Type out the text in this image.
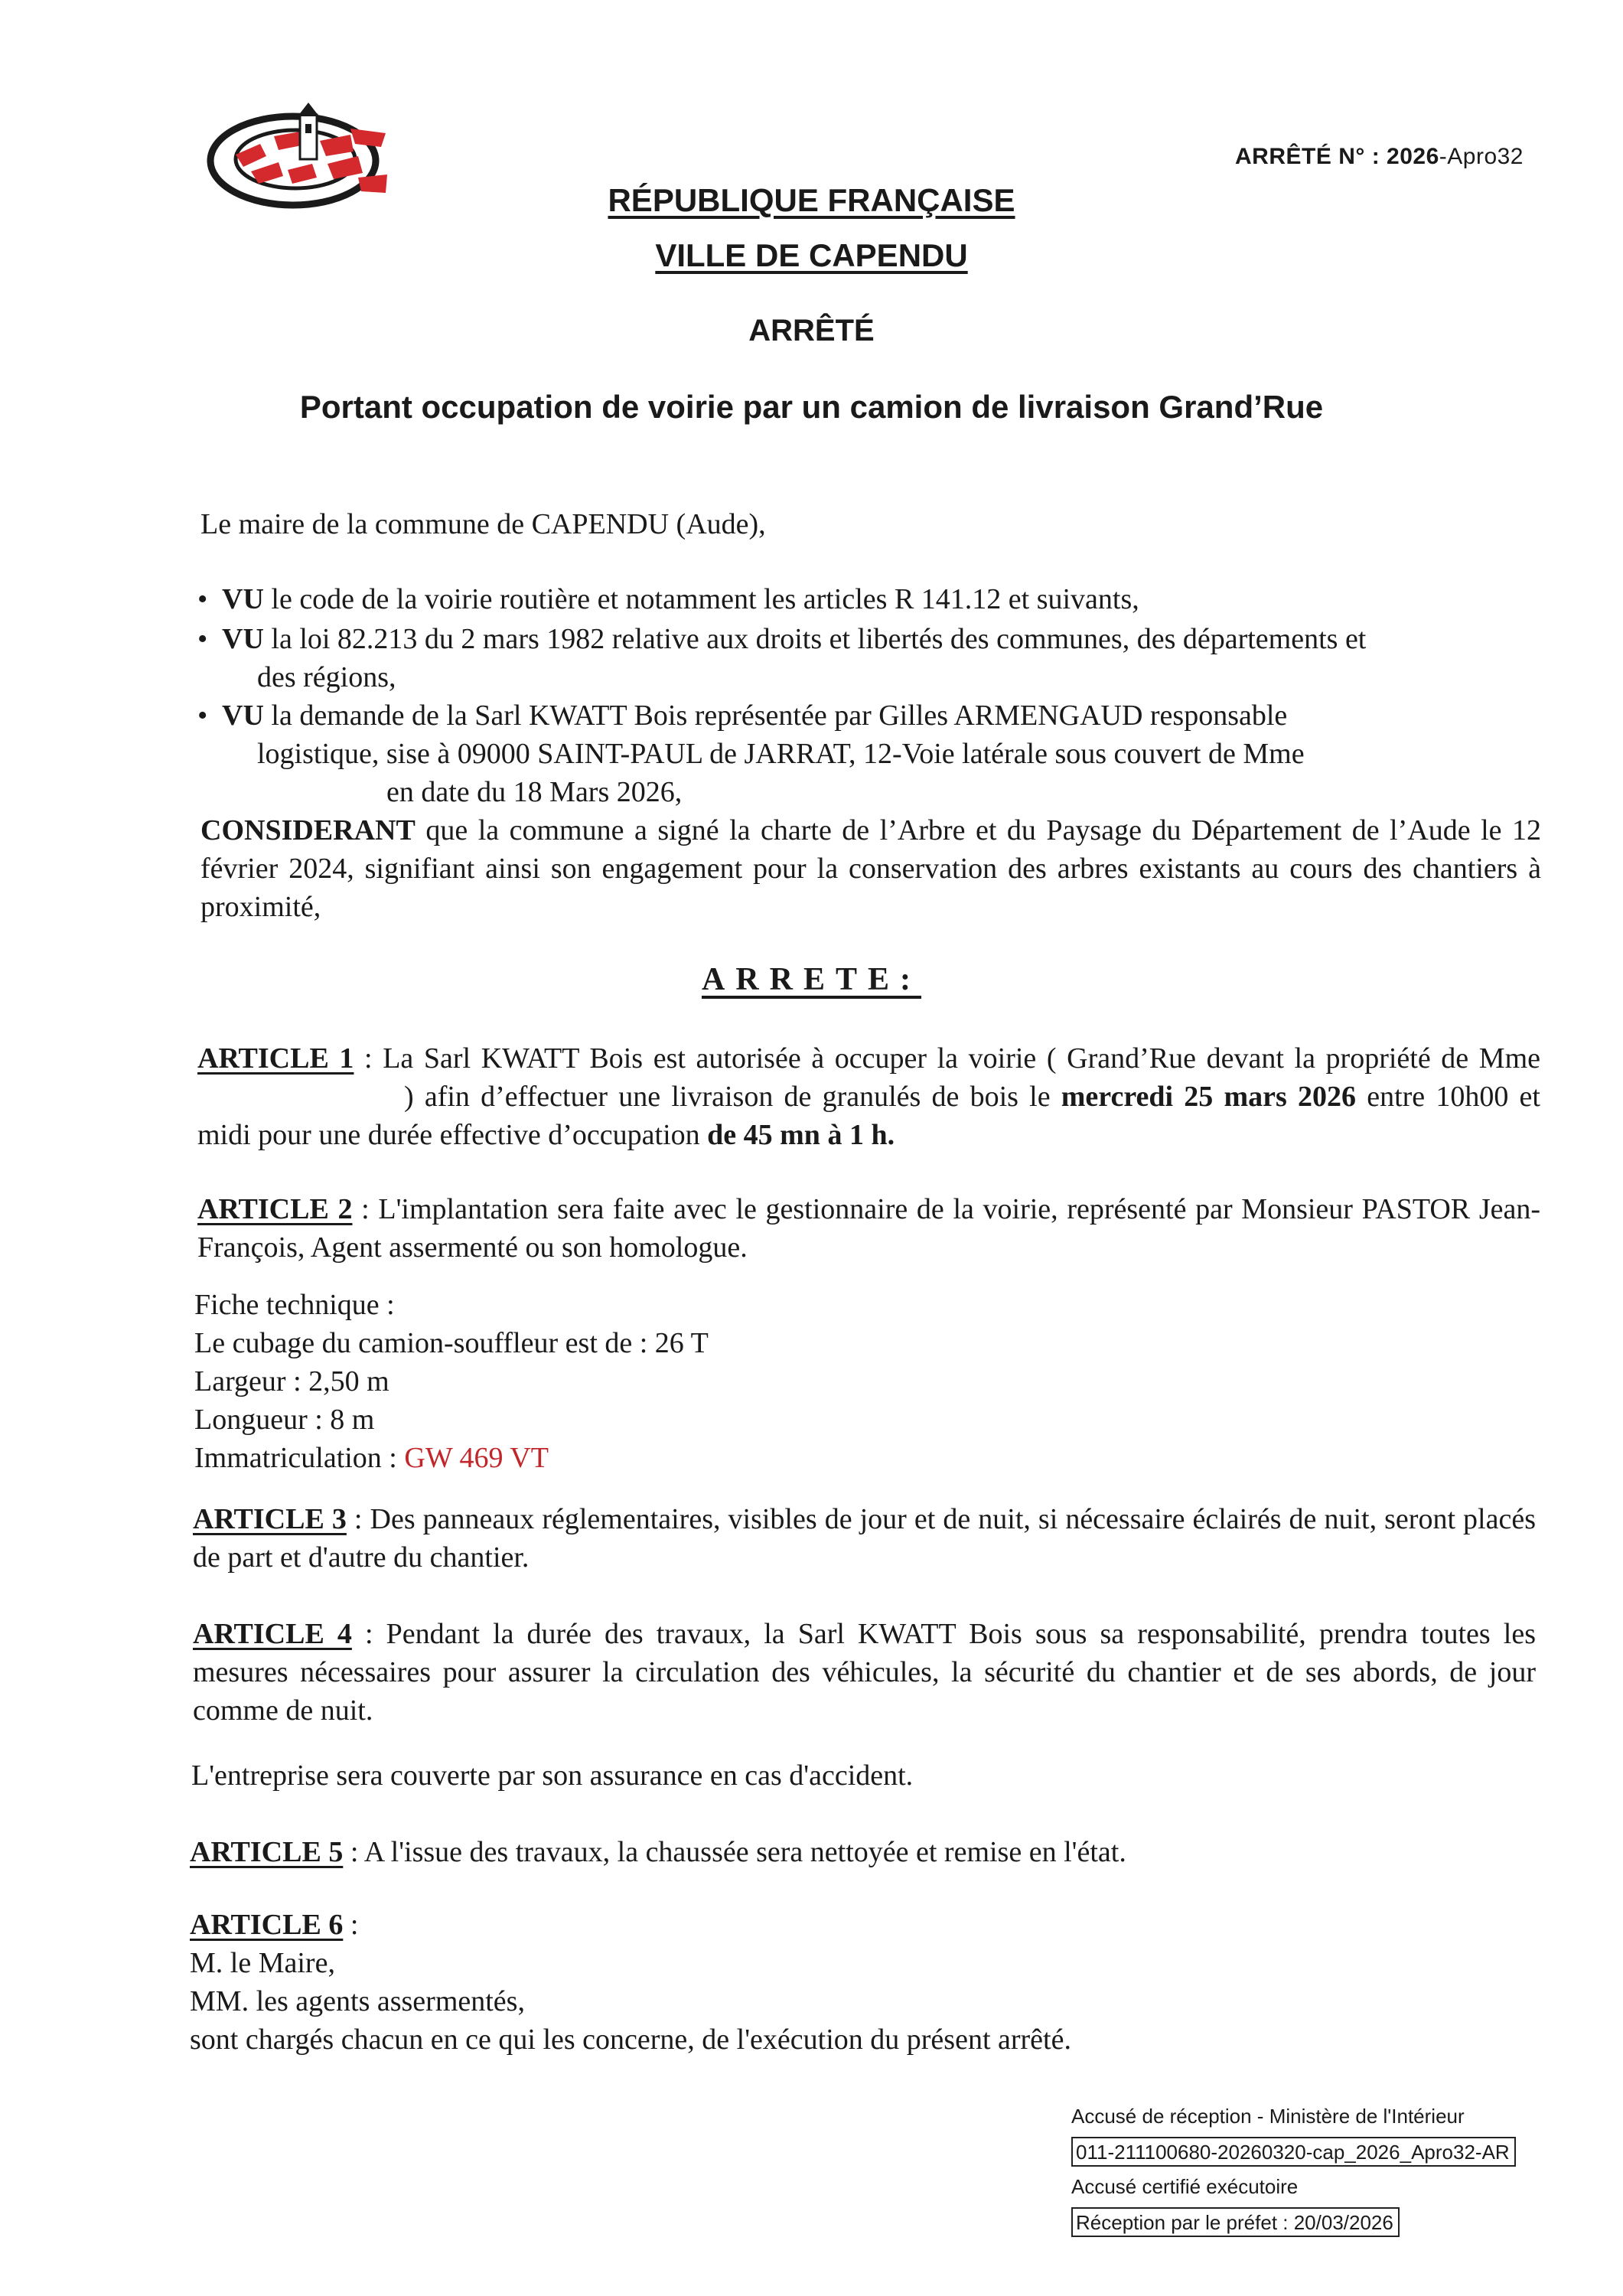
ARRÊTÉ N° : 2026-Apro32
RÉPUBLIQUE FRANÇAISE
VILLE DE CAPENDU
ARRÊTÉ
Portant occupation de voirie par un camion de livraison Grand’Rue
Le maire de la commune de CAPENDU (Aude),
• VU le code de la voirie routière et notamment les articles R 141.12 et suivants,
• VU la loi 82.213 du 2 mars 1982 relative aux droits et libertés des communes, des départements et
des régions,
• VU la demande de la Sarl KWATT Bois représentée par Gilles ARMENGAUD responsable
logistique, sise à 09000 SAINT-PAUL de JARRAT, 12-Voie latérale sous couvert de Mme
en date du 18 Mars 2026,
CONSIDERANT que la commune a signé la charte de l’Arbre et du Paysage du Département de l’Aude le 12 février 2024, signifiant ainsi son engagement pour la conservation des arbres existants au cours des chantiers à proximité,
ARRETE:
ARTICLE 1 : La Sarl KWATT Bois est autorisée à occuper la voirie ( Grand’Rue devant la propriété de Mme) afin d’effectuer une livraison de granulés de bois le mercredi 25 mars 2026 entre 10h00 et midi pour une durée effective d’occupation de 45 mn à 1 h.
ARTICLE 2 : L'implantation sera faite avec le gestionnaire de la voirie, représenté par Monsieur PASTOR Jean-François, Agent assermenté ou son homologue.
Fiche technique :
Le cubage du camion-souffleur est de : 26 T
Largeur : 2,50 m
Longueur : 8 m
Immatriculation : GW 469 VT
ARTICLE 3 : Des panneaux réglementaires, visibles de jour et de nuit, si nécessaire éclairés de nuit, seront placés de part et d'autre du chantier.
ARTICLE 4 : Pendant la durée des travaux, la Sarl KWATT Bois sous sa responsabilité, prendra toutes les mesures nécessaires pour assurer la circulation des véhicules, la sécurité du chantier et de ses abords, de jour comme de nuit.
L'entreprise sera couverte par son assurance en cas d'accident.
ARTICLE 5 : A l'issue des travaux, la chaussée sera nettoyée et remise en l'état.
ARTICLE 6 :
M. le Maire,
MM. les agents assermentés,
sont chargés chacun en ce qui les concerne, de l'exécution du présent arrêté.
Accusé de réception - Ministère de l'Intérieur
011-211100680-20260320-cap_2026_Apro32-AR
Accusé certifié exécutoire
Réception par le préfet : 20/03/2026
